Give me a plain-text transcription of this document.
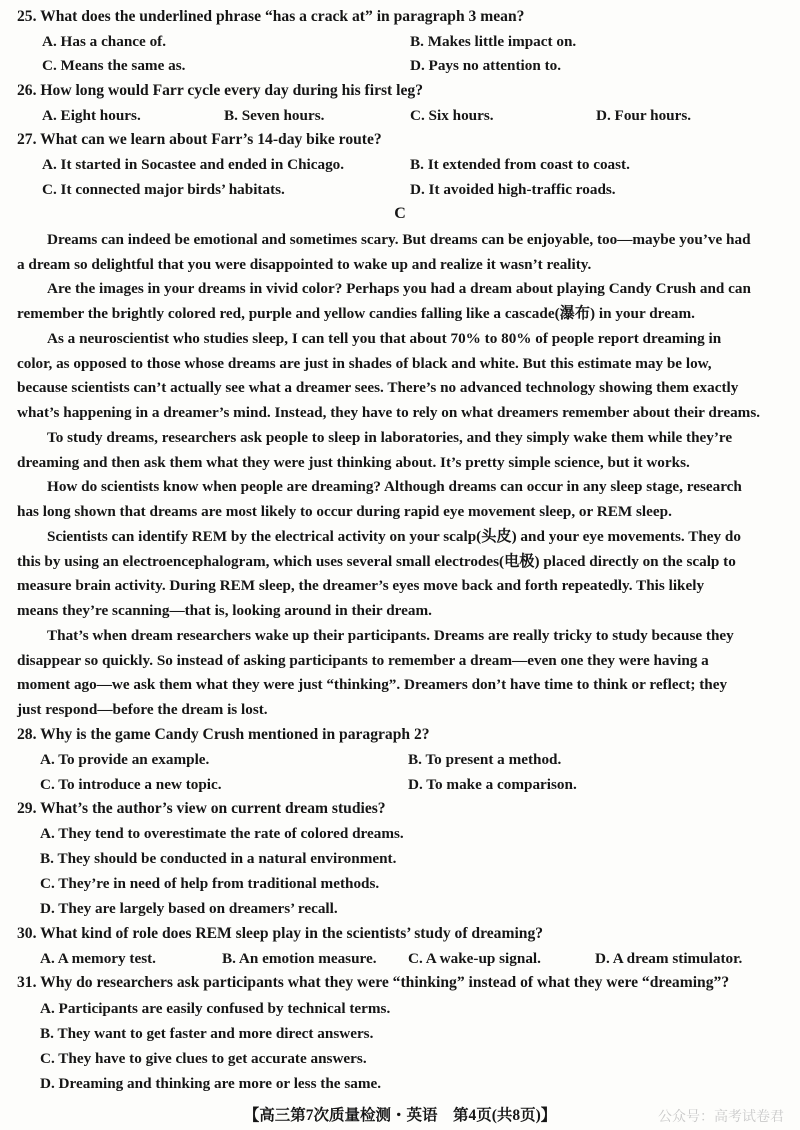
25. What does the underlined phrase “has a crack at” in paragraph 3 mean?
A. Has a chance of.	B. Makes little impact on.
C. Means the same as.	D. Pays no attention to.
26. How long would Farr cycle every day during his first leg?
A. Eight hours.	B. Seven hours.	C. Six hours.	D. Four hours.
27. What can we learn about Farr’s 14-day bike route?
A. It started in Socastee and ended in Chicago.	B. It extended from coast to coast.
C. It connected major birds’ habitats.	D. It avoided high-traffic roads.
C
Dreams can indeed be emotional and sometimes scary. But dreams can be enjoyable, too—maybe you’ve had
a dream so delightful that you were disappointed to wake up and realize it wasn’t reality.
Are the images in your dreams in vivid color? Perhaps you had a dream about playing Candy Crush and can
remember the brightly colored red, purple and yellow candies falling like a cascade(瀑布) in your dream.
As a neuroscientist who studies sleep, I can tell you that about 70% to 80% of people report dreaming in
color, as opposed to those whose dreams are just in shades of black and white. But this estimate may be low,
because scientists can’t actually see what a dreamer sees. There’s no advanced technology showing them exactly
what’s happening in a dreamer’s mind. Instead, they have to rely on what dreamers remember about their dreams.
To study dreams, researchers ask people to sleep in laboratories, and they simply wake them while they’re
dreaming and then ask them what they were just thinking about. It’s pretty simple science, but it works.
How do scientists know when people are dreaming? Although dreams can occur in any sleep stage, research
has long shown that dreams are most likely to occur during rapid eye movement sleep, or REM sleep.
Scientists can identify REM by the electrical activity on your scalp(头皮) and your eye movements. They do
this by using an electroencephalogram, which uses several small electrodes(电极) placed directly on the scalp to
measure brain activity. During REM sleep, the dreamer’s eyes move back and forth repeatedly. This likely
means they’re scanning—that is, looking around in their dream.
That’s when dream researchers wake up their participants. Dreams are really tricky to study because they
disappear so quickly. So instead of asking participants to remember a dream—even one they were having a
moment ago—we ask them what they were just “thinking”. Dreamers don’t have time to think or reflect; they
just respond—before the dream is lost.
28. Why is the game Candy Crush mentioned in paragraph 2?
A. To provide an example.	B. To present a method.
C. To introduce a new topic.	D. To make a comparison.
29. What’s the author’s view on current dream studies?
A. They tend to overestimate the rate of colored dreams.
B. They should be conducted in a natural environment.
C. They’re in need of help from traditional methods.
D. They are largely based on dreamers’ recall.
30. What kind of role does REM sleep play in the scientists’ study of dreaming?
A. A memory test.	B. An emotion measure. C. A wake-up signal.	D. A dream stimulator.
31. Why do researchers ask participants what they were “thinking” instead of what they were “dreaming”?
A. Participants are easily confused by technical terms.
B. They want to get faster and more direct answers.
C. They have to give clues to get accurate answers.
D. Dreaming and thinking are more or less the same.
【高三第7次质量检测・英语　第4页(共8页)】	公众号：高考试卷君
